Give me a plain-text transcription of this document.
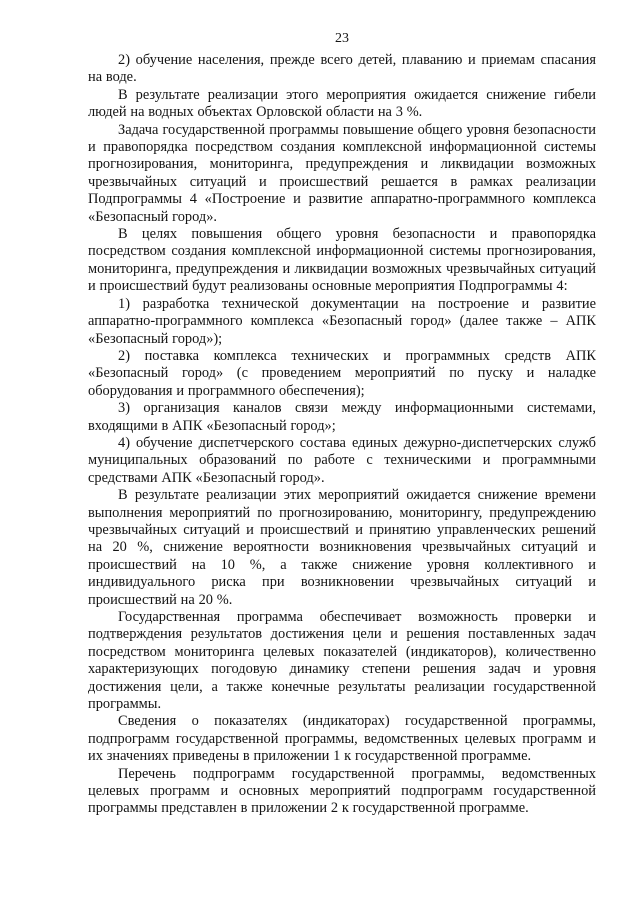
23

2) обучение населения, прежде всего детей, плаванию и приемам спасания на воде.

В результате реализации этого мероприятия ожидается снижение гибели людей на водных объектах Орловской области на 3 %.

Задача государственной программы повышение общего уровня безопасности и правопорядка посредством создания комплексной информационной системы прогнозирования, мониторинга, предупреждения и ликвидации возможных чрезвычайных ситуаций и происшествий решается в рамках реализации Подпрограммы 4 «Построение и развитие аппаратно-программного комплекса «Безопасный город».

В целях повышения общего уровня безопасности и правопорядка посредством создания комплексной информационной системы прогнозирования, мониторинга, предупреждения и ликвидации возможных чрезвычайных ситуаций и происшествий будут реализованы основные мероприятия Подпрограммы 4:

1) разработка технической документации на построение и развитие аппаратно-программного комплекса «Безопасный город» (далее также – АПК «Безопасный город»);

2) поставка комплекса технических и программных средств АПК «Безопасный город» (с проведением мероприятий по пуску и наладке оборудования и программного обеспечения);

3) организация каналов связи между информационными системами, входящими в АПК «Безопасный город»;

4) обучение диспетчерского состава единых дежурно-диспетчерских служб муниципальных образований по работе с техническими и программными средствами АПК «Безопасный город».

В результате реализации этих мероприятий ожидается снижение времени выполнения мероприятий по прогнозированию, мониторингу, предупреждению чрезвычайных ситуаций и происшествий и принятию управленческих решений на 20 %, снижение вероятности возникновения чрезвычайных ситуаций и происшествий на 10 %, а также снижение уровня коллективного и индивидуального риска при возникновении чрезвычайных ситуаций и происшествий на 20 %.

Государственная программа обеспечивает возможность проверки и подтверждения результатов достижения цели и решения поставленных задач посредством мониторинга целевых показателей (индикаторов), количественно характеризующих погодовую динамику степени решения задач и уровня достижения цели, а также конечные результаты реализации государственной программы.

Сведения о показателях (индикаторах) государственной программы, подпрограмм государственной программы, ведомственных целевых программ и их значениях приведены в приложении 1 к государственной программе.

Перечень подпрограмм государственной программы, ведомственных целевых программ и основных мероприятий подпрограмм государственной программы представлен в приложении 2 к государственной программе.
